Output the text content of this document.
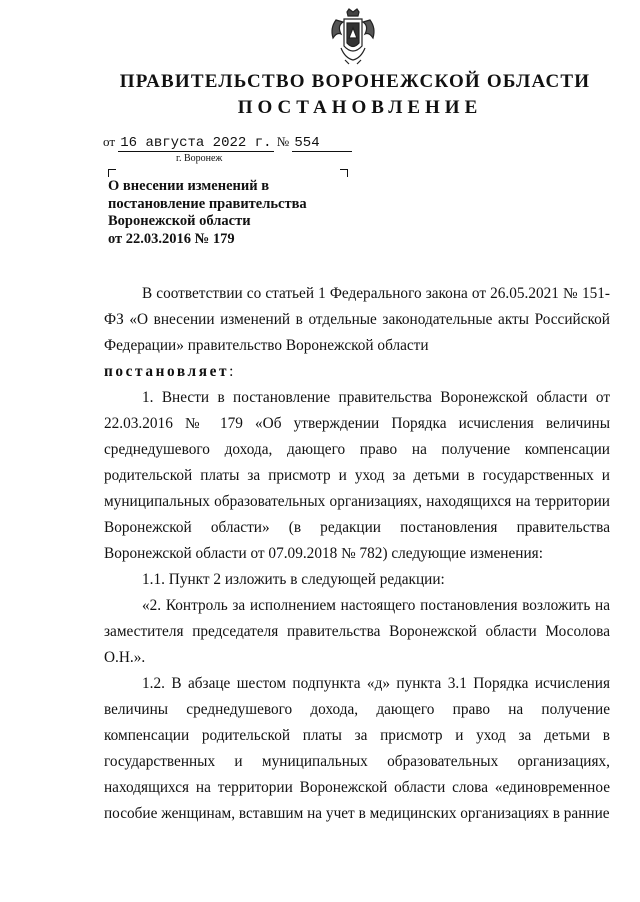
ПРАВИТЕЛЬСТВО ВОРОНЕЖСКОЙ ОБЛАСТИ
ПОСТАНОВЛЕНИЕ
от 16 августа 2022 г. № 554
г. Воронеж
О внесении изменений в
постановление правительства
Воронежской области
от 22.03.2016 № 179

В соответствии со статьей 1 Федерального закона от 26.05.2021 № 151-ФЗ «О внесении изменений в отдельные законодательные акты Российской Федерации» правительство Воронежской области
постановляет:

1. Внести в постановление правительства Воронежской области от 22.03.2016 № 179 «Об утверждении Порядка исчисления величины среднедушевого дохода, дающего право на получение компенсации родительской платы за присмотр и уход за детьми в государственных и муниципальных образовательных организациях, находящихся на территории Воронежской области» (в редакции постановления правительства Воронежской области от 07.09.2018 № 782) следующие изменения:

1.1. Пункт 2 изложить в следующей редакции:

«2. Контроль за исполнением настоящего постановления возложить на заместителя председателя правительства Воронежской области Мосолова О.Н.».

1.2. В абзаце шестом подпункта «д» пункта 3.1 Порядка исчисления величины среднедушевого дохода, дающего право на получение компенсации родительской платы за присмотр и уход за детьми в государственных и муниципальных образовательных организациях, находящихся на территории Воронежской области слова «единовременное пособие женщинам, вставшим на учет в медицинских организациях в ранние
